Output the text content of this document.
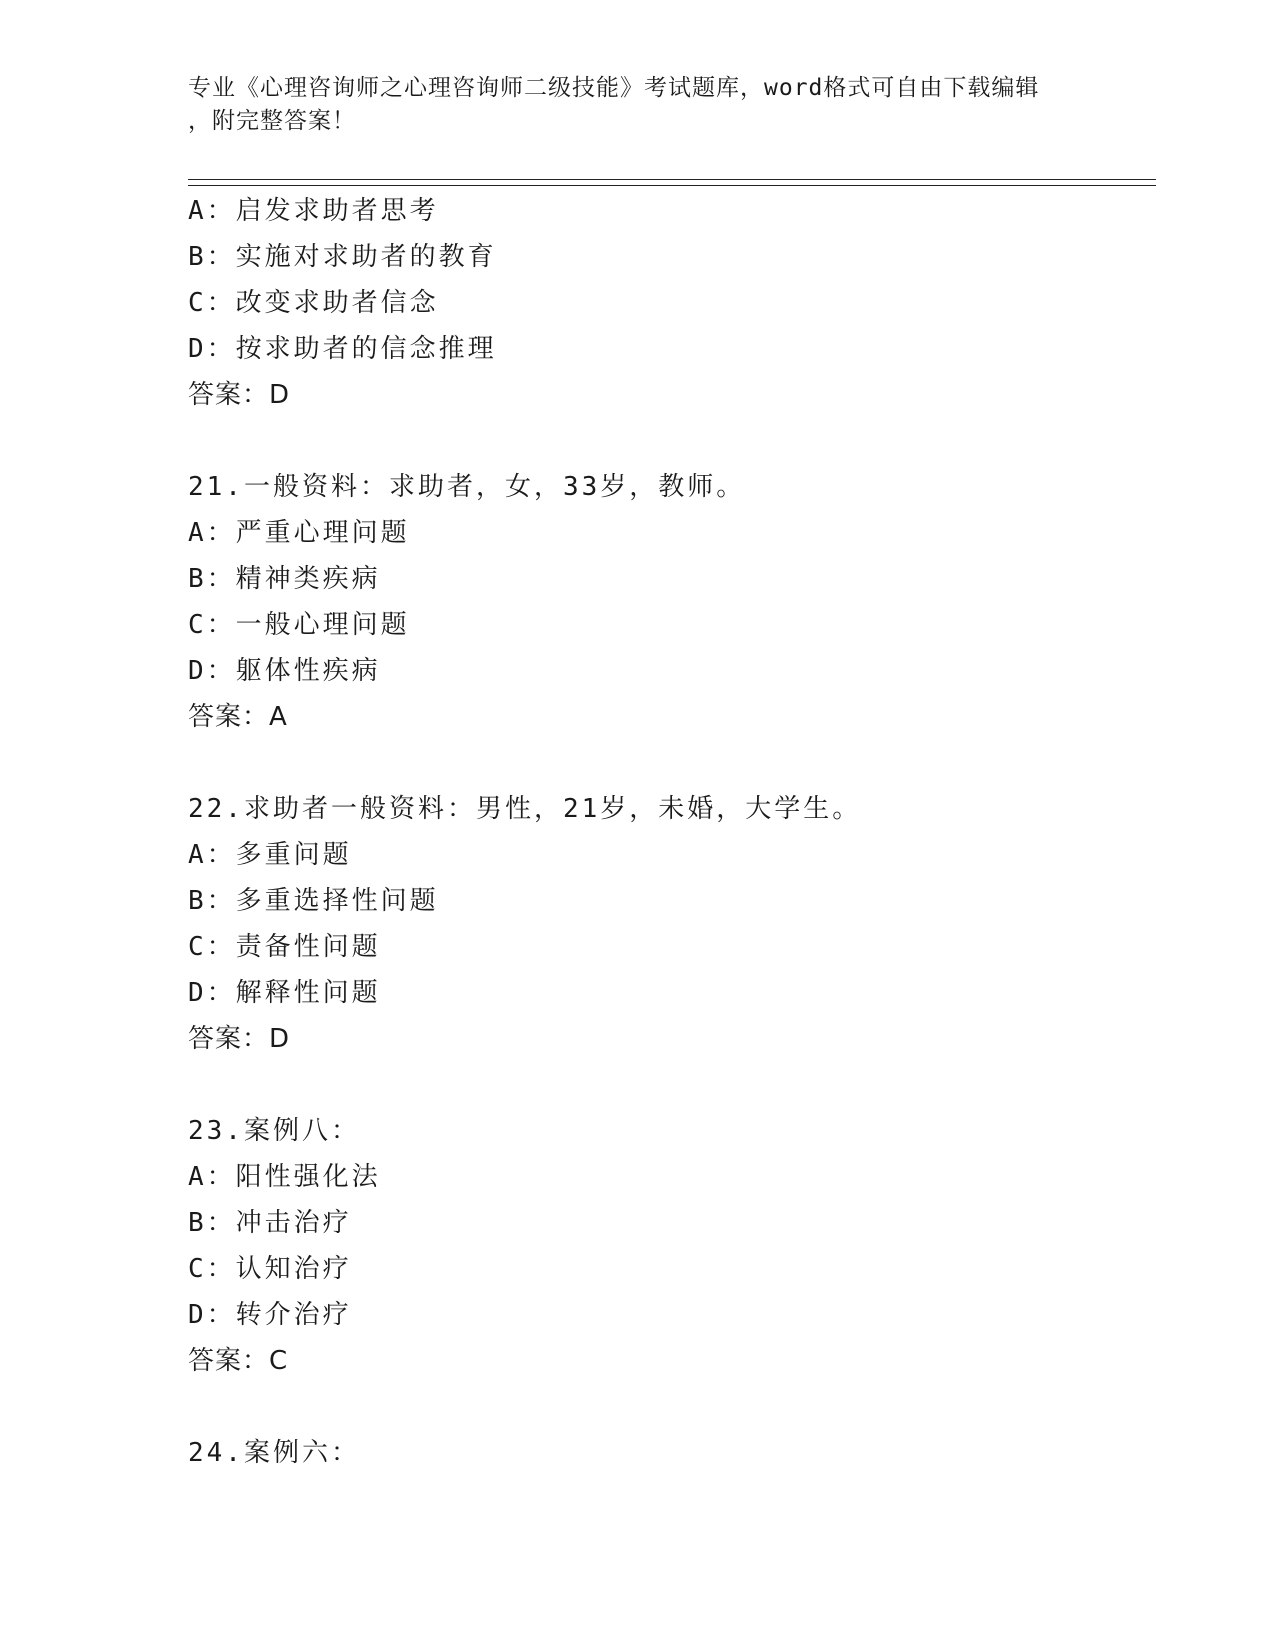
专业《心理咨询师之心理咨询师二级技能》考试题库，word格式可自由下载编辑

，附完整答案！

A：启发求助者思考
B：实施对求助者的教育
C：改变求助者信念
D：按求助者的信念推理
答案：D
21.一般资料：求助者，女，33岁，教师。
A：严重心理问题
B：精神类疾病
C：一般心理问题
D：躯体性疾病
答案：A
22.求助者一般资料：男性，21岁，未婚，大学生。
A：多重问题
B：多重选择性问题
C：责备性问题
D：解释性问题
答案：D
23.案例八：
A：阳性强化法
B：冲击治疗
C：认知治疗
D：转介治疗
答案：C
24.案例六：
